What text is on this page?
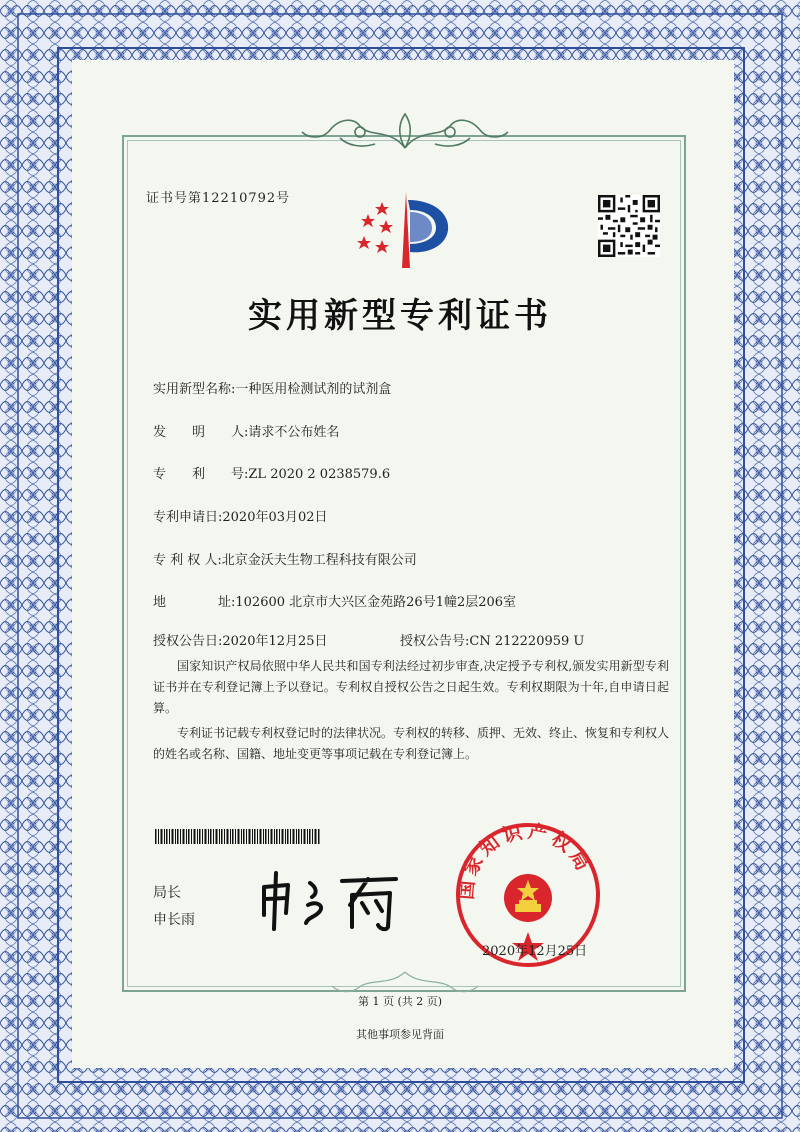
证书号第12210792号
实用新型专利证书
实用新型名称:一种医用检测试剂的试剂盒
发　　明　　人:请求不公布姓名
专　　利　　号:ZL 2020 2 0238579.6
专利申请日:2020年03月02日
专 利 权 人:北京金沃夫生物工程科技有限公司
地　　　　址:102600 北京市大兴区金苑路26号1幢2层206室
授权公告日:2020年12月25日	授权公告号:CN 212220959 U

国家知识产权局依照中华人民共和国专利法经过初步审查,决定授予专利权,颁发实用新型专利证书并在专利登记簿上予以登记。专利权自授权公告之日起生效。专利权期限为十年,自申请日起算。

专利证书记载专利权登记时的法律状况。专利权的转移、质押、无效、终止、恢复和专利权人的姓名或名称、国籍、地址变更等事项记载在专利登记簿上。

局长
申长雨
国家知识产权局
2020年12月25日
第 1 页 (共 2 页)
其他事项参见背面
